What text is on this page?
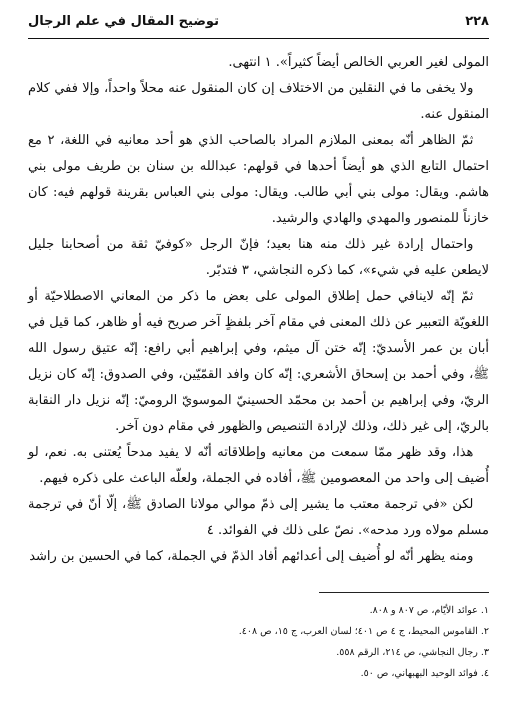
٢٢٨
توضيح المقال في علم الرجال

المولى لغير العربي الخالص أيضاً كثيراً». ١ انتهى.

ولا يخفى ما في النقلين من الاختلاف إن كان المنقول عنه محلاً واحداً، وإلا ففي كلام المنقول عنه.

ثمّ الظاهر أنّه بمعنى الملازم المراد بالصاحب الذي هو أحد معانيه في اللغة، ٢ مع احتمال التابع الذي هو أيضاً أحدها في قولهم: عبدالله بن سنان بن طريف مولى بني هاشم. ويقال: مولى بني أبي طالب. ويقال: مولى بني العباس بقرينة قولهم فيه: كان خازناً للمنصور والمهدي والهادي والرشيد.

واحتمال إرادة غير ذلك منه هنا بعيد؛ فإنّ الرجل «كوفيّ ثقة من أصحابنا جليل لايطعن عليه في شيء»، كما ذكره النجاشي، ٣ فتدبّر.

ثمّ إنّه لاينافي حمل إطلاق المولى على بعض ما ذكر من المعاني الاصطلاحيّة أو اللغويّة التعبير عن ذلك المعنى في مقام آخر بلفظٍ آخر صريح فيه أو ظاهر، كما قيل في أبان بن عمر الأسديّ: إنّه ختن آل ميثم، وفي إبراهيم أبي رافع: إنّه عتيق رسول الله ﷺ، وفي أحمد بن إسحاق الأشعري: إنّه كان وافد القمّيّين، وفي الصدوق: إنّه كان نزيل الريّ، وفي إبراهيم بن أحمد بن محمّد الحسينيّ الموسويّ الروميّ: إنّه نزيل دار النقابة بالريّ، إلى غير ذلك، وذلك لإرادة التنصيص والظهور في مقام دون آخر.

هذا، وقد ظهر ممّا سمعت من معانيه وإطلاقاته أنّه لا يفيد مدحاً يُعتنى به. نعم، لو أُضيف إلى واحد من المعصومين ﷺ، أفاده في الجملة، ولعلّه الباعث على ذكره فيهم.

لكن «في ترجمة معتب ما يشير إلى ذمّ موالي مولانا الصادق ﷺ، إلّا أنّ في ترجمة مسلم مولاه ورد مدحه». نصّ على ذلك في الفوائد. ٤

ومنه يظهر أنّه لو أُضيف إلى أعدائهم أفاد الذمّ في الجملة، كما في الحسين بن راشد

١. عوائد الأيّام، ص ٨٠٧ و ٨٠٨.

٢. القاموس المحيط، ج ٤ ص ٤٠١؛ لسان العرب، ج ١٥، ص ٤٠٨.

٣. رجال النجاشي، ص ٢١٤، الرقم ٥٥٨.

٤. فوائد الوحيد البهبهاني، ص ٥٠.
